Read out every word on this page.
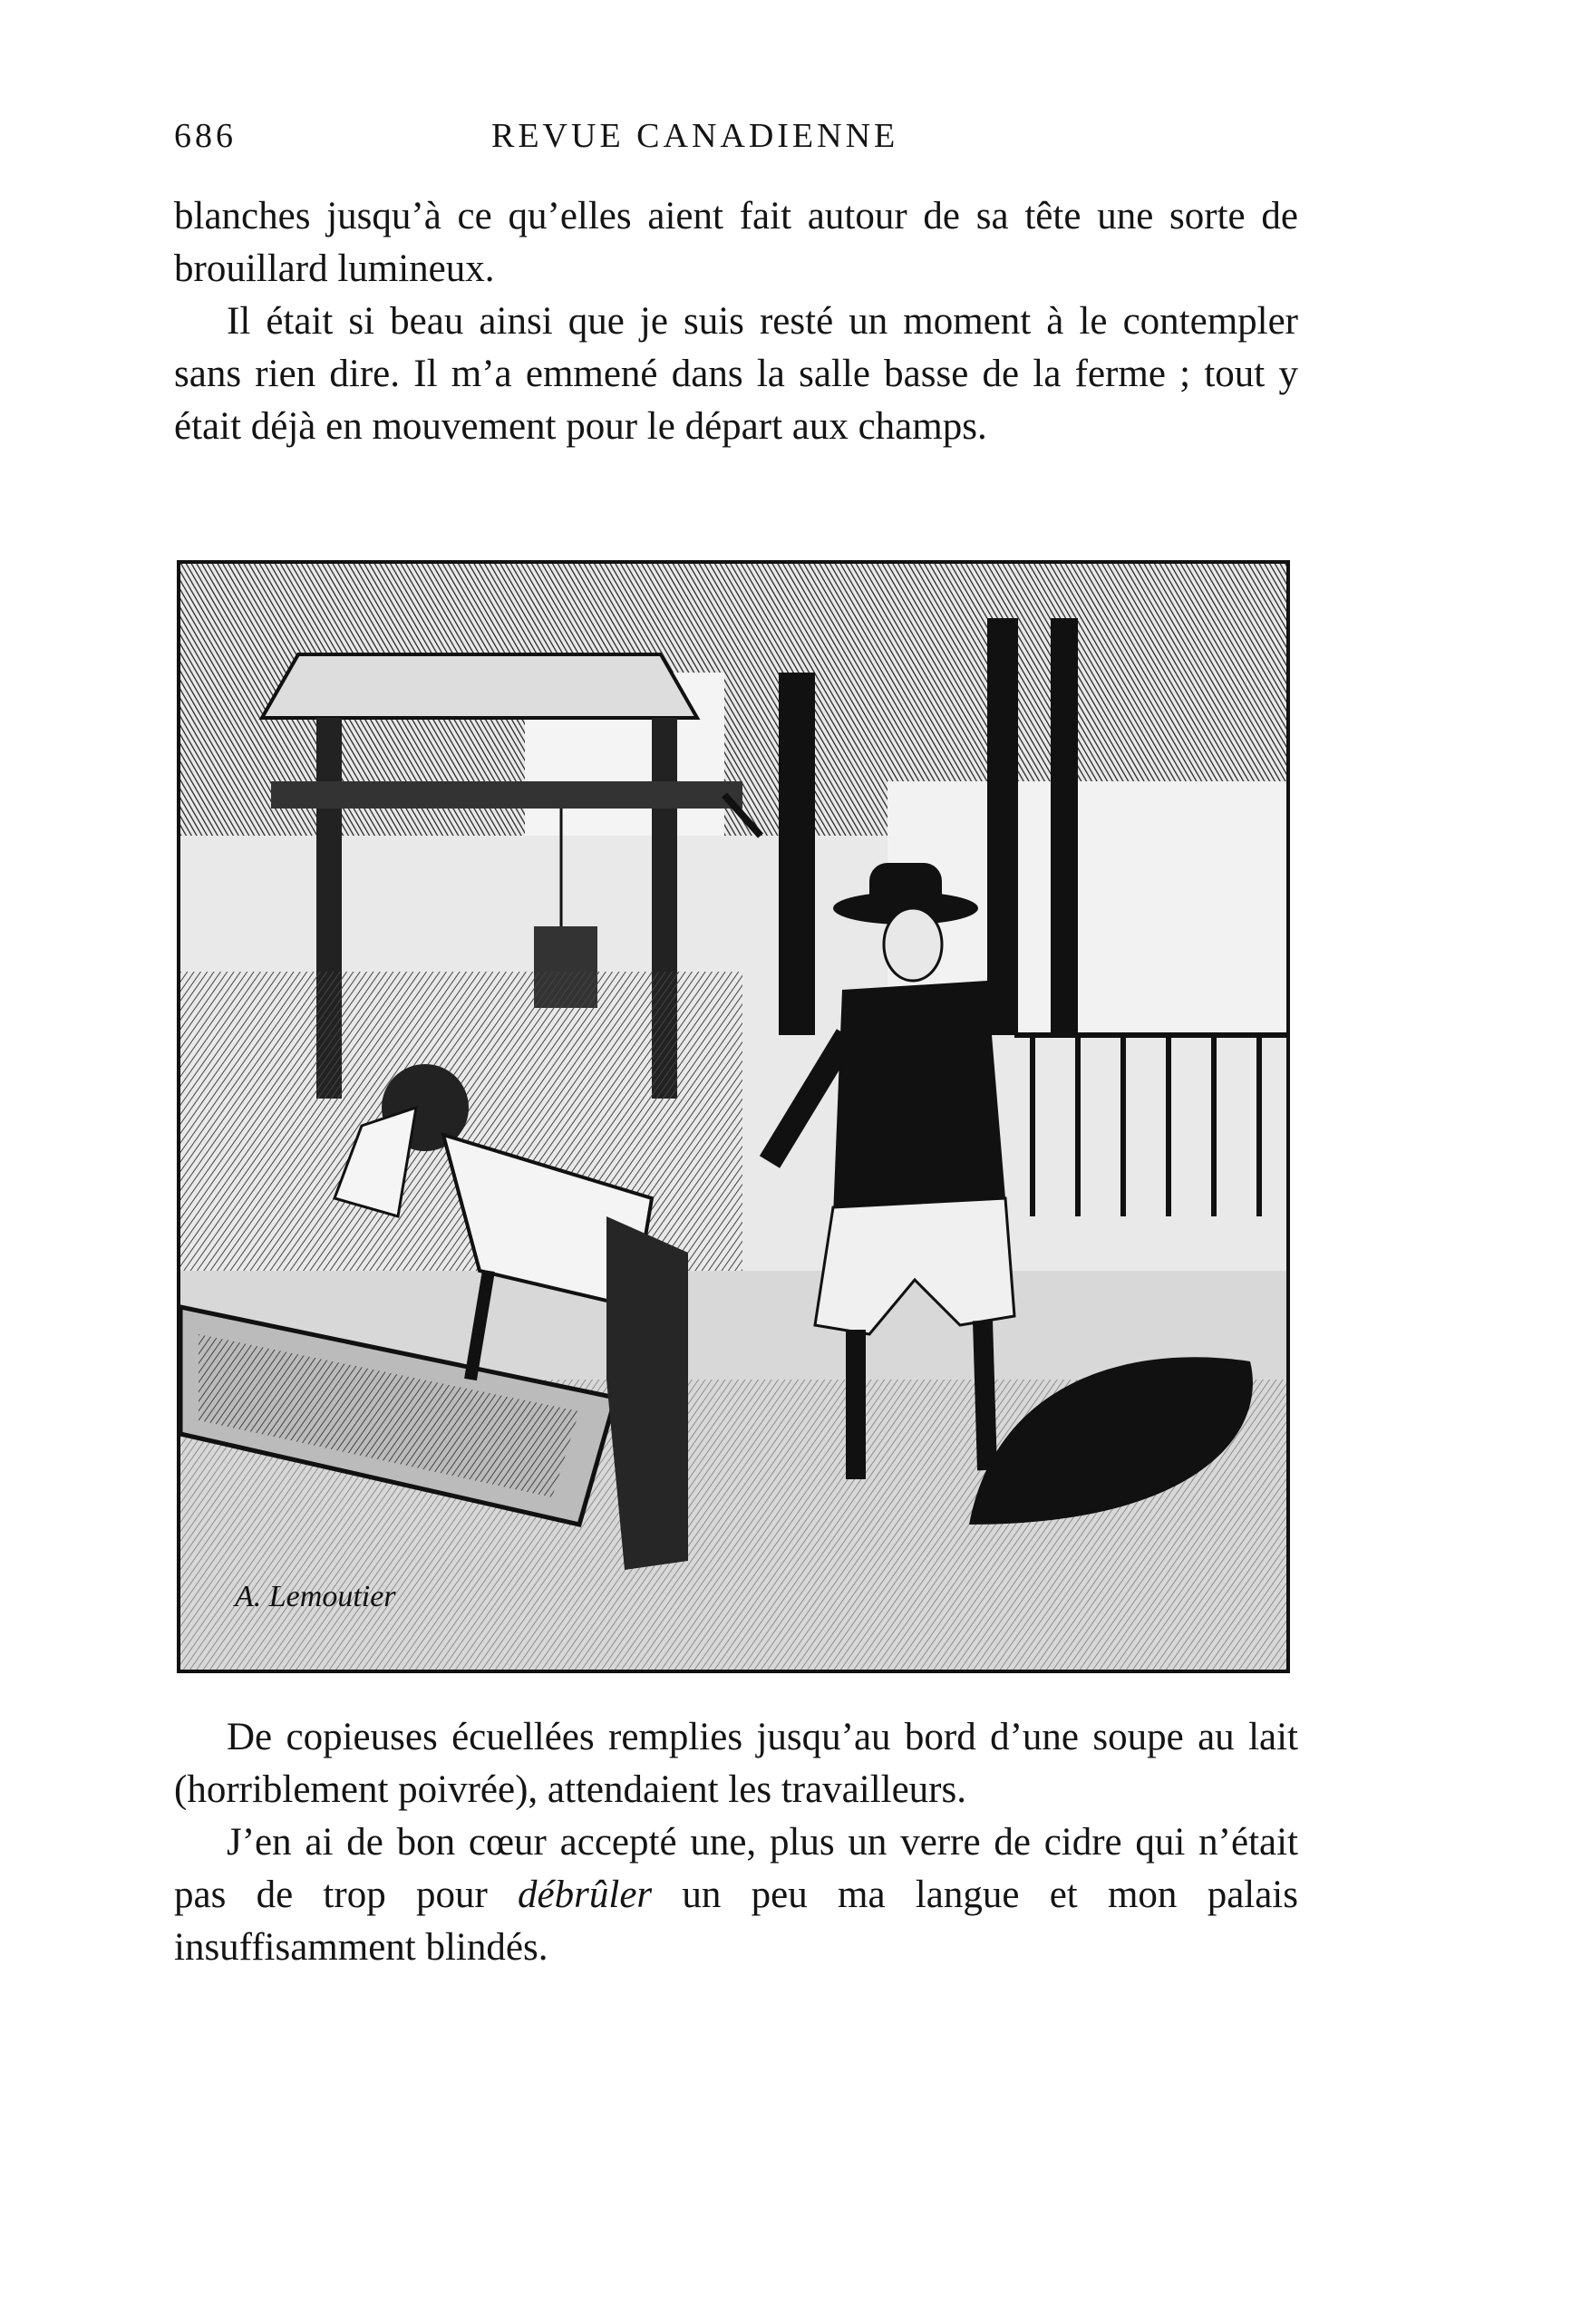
686	REVUE CANADIENNE

blanches jusqu’à ce qu’elles aient fait autour de sa tête une sorte de brouillard lumineux.

Il était si beau ainsi que je suis resté un moment à le contempler sans rien dire. Il m’a emmené dans la salle basse de la ferme ; tout y était déjà en mouvement pour le départ aux champs.

A. Lemoutier

De copieuses écuellées remplies jusqu’au bord d’une soupe au lait (horriblement poivrée), attendaient les travailleurs.

J’en ai de bon cœur accepté une, plus un verre de cidre qui n’était pas de trop pour débrûler un peu ma langue et mon palais insuffisamment blindés.
